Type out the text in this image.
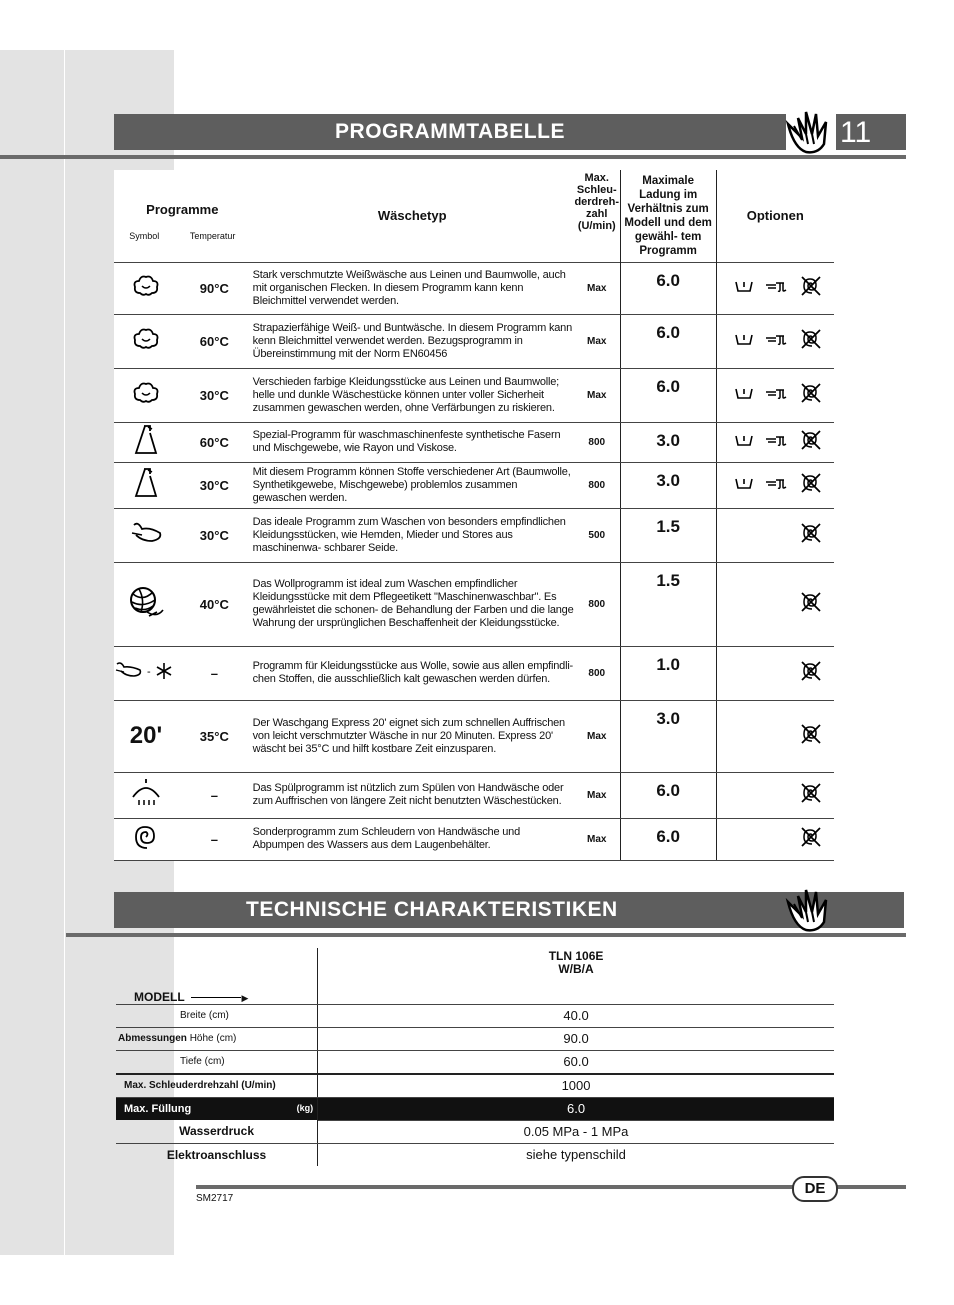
PROGRAMMTABELLE	11
Programme
Symbol Temperatur		Wäschetyp	Max. Schleu- derdreh- zahl (U/min)	Maximale Ladung im Verhältnis zum Modell und dem gewähl- tem Programm	Optionen
	90°C	Stark verschmutzte Weißwäsche aus Leinen und Baumwolle, auch mit organischen Flecken. In diesem Programm kann kenn Bleichmittel verwendet werden.	Max	6.0	

	60°C	Strapazierfähige Weiß- und Buntwäsche. In diesem Programm kann kenn Bleichmittel verwendet werden. Bezugsprogramm in Übereinstimmung mit der Norm EN60456	Max	6.0	

	30°C	Verschieden farbige Kleidungsstücke aus Leinen und Baumwolle; helle und dunkle Wäschestücke können unter voller Sicherheit zusammen gewaschen werden, ohne Verfärbungen zu riskieren.	Max	6.0	

	60°C	Spezial-Programm für waschmaschinenfeste synthetische Fasern und Mischgewebe, wie Rayon und Viskose.	800	3.0	

	30°C	Mit diesem Programm können Stoffe verschiedener Art (Baumwolle, Synthetikgewebe, Mischgewebe) problemlos zusammen gewaschen werden.	800	3.0	

	30°C	Das ideale Programm zum Waschen von besonders empfindlichen Kleidungsstücken, wie Hemden, Mieder und Stores aus maschinenwa- schbarer Seide.	500	1.5	

	40°C	Das Wollprogramm ist ideal zum Waschen empfindlicher Kleidungsstücke mit dem Pflegeetikett "Maschinenwaschbar". Es gewährleistet die schonen- de Behandlung der Farben und die lange Wahrung der ursprünglichen Beschaffenheit der Kleidungsstücke.	800	1.5	

-	–	Programm für Kleidungsstücke aus Wolle, sowie aus allen empfindli- chen Stoffen, die ausschließlich kalt gewaschen werden dürfen.	800	1.0	

20'	35°C	Der Waschgang Express 20' eignet sich zum schnellen Auffrischen von leicht verschmutzter Wäsche in nur 20 Minuten. Express 20' wäscht bei 35°C und hilft kostbare Zeit einzusparen.	Max	3.0	

	–	Das Spülprogramm ist nützlich zum Spülen von Handwäsche oder zum Auffrischen von längere Zeit nicht benutzten Wäschestücken.	Max	6.0	

	–	Sonderprogramm zum Schleudern von Handwäsche und Abpumpen des Wassers aus dem Laugenbehälter.	Max	6.0	
TECHNISCHE CHARAKTERISTIKEN
MODELL ▶	TLN 106E W/B/A

Breite (cm)	40.0
Abmessungen Höhe (cm)	90.0
Tiefe (cm)	60.0
Max. Schleuderdrehzahl (U/min)	1000
Max. Füllung (kg)	6.0
Wasserdruck	0.05 MPa - 1 MPa
Elektroanschluss	siehe typenschild
DE
SM2717
